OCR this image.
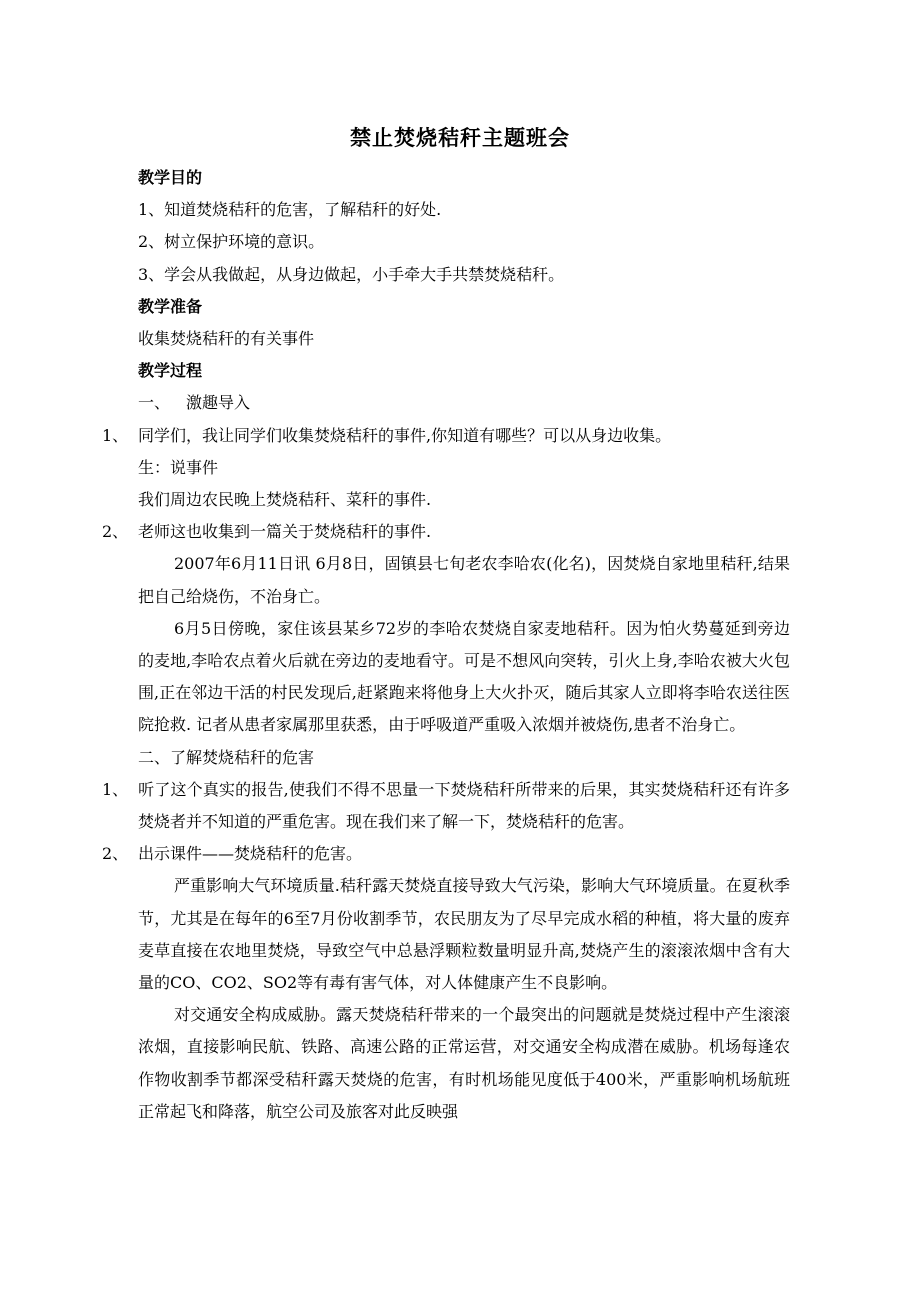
禁止焚烧秸秆主题班会

教学目的

1、知道焚烧秸秆的危害，了解秸秆的好处.

2、树立保护环境的意识。

3、学会从我做起，从身边做起，小手牵大手共禁焚烧秸秆。

教学准备

收集焚烧秸秆的有关事件

教学过程

一、 激趣导入

1、 同学们，我让同学们收集焚烧秸秆的事件,你知道有哪些？可以从身边收集。

生：说事件

我们周边农民晚上焚烧秸秆、菜秆的事件.

2、 老师这也收集到一篇关于焚烧秸秆的事件.

2007年6月11日讯 6月8日，固镇县七旬老农李哈农(化名)，因焚烧自家地里秸秆,结果把自己给烧伤，不治身亡。

6月5日傍晚，家住该县某乡72岁的李哈农焚烧自家麦地秸秆。因为怕火势蔓延到旁边的麦地,李哈农点着火后就在旁边的麦地看守。可是不想风向突转，引火上身,李哈农被大火包围,正在邻边干活的村民发现后,赶紧跑来将他身上大火扑灭，随后其家人立即将李哈农送往医院抢救. 记者从患者家属那里获悉，由于呼吸道严重吸入浓烟并被烧伤,患者不治身亡。

二、了解焚烧秸秆的危害

1、 听了这个真实的报告,使我们不得不思量一下焚烧秸秆所带来的后果，其实焚烧秸秆还有许多焚烧者并不知道的严重危害。现在我们来了解一下，焚烧秸秆的危害。

2、 出示课件——焚烧秸秆的危害。

严重影响大气环境质量.秸秆露天焚烧直接导致大气污染，影响大气环境质量。在夏秋季节，尤其是在每年的6至7月份收割季节，农民朋友为了尽早完成水稻的种植，将大量的废弃麦草直接在农地里焚烧，导致空气中总悬浮颗粒数量明显升高,焚烧产生的滚滚浓烟中含有大量的CO、CO2、SO2等有毒有害气体，对人体健康产生不良影响。

对交通安全构成威胁。露天焚烧秸秆带来的一个最突出的问题就是焚烧过程中产生滚滚浓烟，直接影响民航、铁路、高速公路的正常运营，对交通安全构成潜在威胁。机场每逢农作物收割季节都深受秸秆露天焚烧的危害，有时机场能见度低于400米，严重影响机场航班正常起飞和降落，航空公司及旅客对此反映强
